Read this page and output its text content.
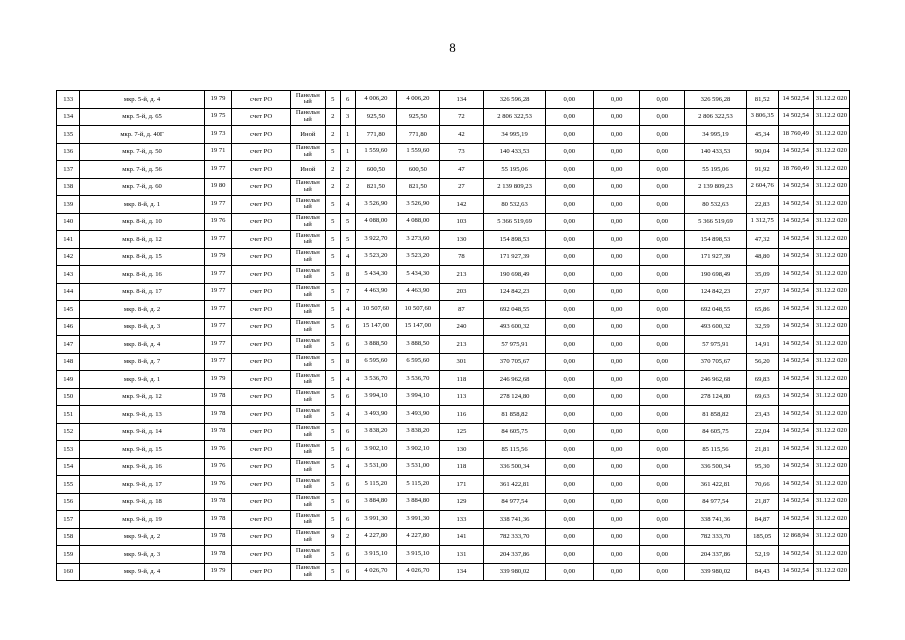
8
133	мкр. 5-й, д. 4	19 79	счет РО	Панельн ый	5	6	4 006,20	4 006,20	134	326 596,28	0,00	0,00	0,00	326 596,28	81,52	14 502,54	31.12.2 020
134	мкр. 5-й, д. 65	19 75	счет РО	Панельн ый	2	3	925,50	925,50	72	2 806 322,53	0,00	0,00	0,00	2 806 322,53	3 806,35	14 502,54	31.12.2 020
135	мкр. 7-й, д. 40Г	19 73	счет РО	Иной	2	1	771,80	771,80	42	34 995,19	0,00	0,00	0,00	34 995,19	45,34	18 760,49	31.12.2 020
136	мкр. 7-й, д. 50	19 71	счет РО	Панельн ый	5	1	1 559,60	1 559,60	73	140 433,53	0,00	0,00	0,00	140 433,53	90,04	14 502,54	31.12.2 020
137	мкр. 7-й, д. 56	19 77	счет РО	Иной	2	2	600,50	600,50	47	55 195,06	0,00	0,00	0,00	55 195,06	91,92	18 760,49	31.12.2 020
138	мкр. 7-й, д. 60	19 80	счет РО	Панельн ый	2	2	821,50	821,50	27	2 139 809,23	0,00	0,00	0,00	2 139 809,23	2 604,76	14 502,54	31.12.2 020
139	мкр. 8-й, д. 1	19 77	счет РО	Панельн ый	5	4	3 526,90	3 526,90	142	80 532,63	0,00	0,00	0,00	80 532,63	22,83	14 502,54	31.12.2 020
140	мкр. 8-й, д. 10	19 76	счет РО	Панельн ый	5	5	4 088,00	4 088,00	103	5 366 519,69	0,00	0,00	0,00	5 366 519,69	1 312,75	14 502,54	31.12.2 020
141	мкр. 8-й, д. 12	19 77	счет РО	Панельн ый	5	5	3 922,70	3 273,60	130	154 898,53	0,00	0,00	0,00	154 898,53	47,32	14 502,54	31.12.2 020
142	мкр. 8-й, д. 15	19 79	счет РО	Панельн ый	5	4	3 523,20	3 523,20	78	171 927,39	0,00	0,00	0,00	171 927,39	48,80	14 502,54	31.12.2 020
143	мкр. 8-й, д. 16	19 77	счет РО	Панельн ый	5	8	5 434,30	5 434,30	213	190 698,49	0,00	0,00	0,00	190 698,49	35,09	14 502,54	31.12.2 020
144	мкр. 8-й, д. 17	19 77	счет РО	Панельн ый	5	7	4 463,90	4 463,90	203	124 842,23	0,00	0,00	0,00	124 842,23	27,97	14 502,54	31.12.2 020
145	мкр. 8-й, д. 2	19 77	счет РО	Панельн ый	5	4	10 507,60	10 507,60	87	692 048,55	0,00	0,00	0,00	692 048,55	65,86	14 502,54	31.12.2 020
146	мкр. 8-й, д. 3	19 77	счет РО	Панельн ый	5	6	15 147,00	15 147,00	240	493 600,32	0,00	0,00	0,00	493 600,32	32,59	14 502,54	31.12.2 020
147	мкр. 8-й, д. 4	19 77	счет РО	Панельн ый	5	6	3 888,50	3 888,50	213	57 975,91	0,00	0,00	0,00	57 975,91	14,91	14 502,54	31.12.2 020
148	мкр. 8-й, д. 7	19 77	счет РО	Панельн ый	5	8	6 595,60	6 595,60	301	370 705,67	0,00	0,00	0,00	370 705,67	56,20	14 502,54	31.12.2 020
149	мкр. 9-й, д. 1	19 79	счет РО	Панельн ый	5	4	3 536,70	3 536,70	118	246 962,68	0,00	0,00	0,00	246 962,68	69,83	14 502,54	31.12.2 020
150	мкр. 9-й, д. 12	19 78	счет РО	Панельн ый	5	6	3 994,10	3 994,10	113	278 124,80	0,00	0,00	0,00	278 124,80	69,63	14 502,54	31.12.2 020
151	мкр. 9-й, д. 13	19 78	счет РО	Панельн ый	5	4	3 493,90	3 493,90	116	81 858,82	0,00	0,00	0,00	81 858,82	23,43	14 502,54	31.12.2 020
152	мкр. 9-й, д. 14	19 78	счет РО	Панельн ый	5	6	3 838,20	3 838,20	125	84 605,75	0,00	0,00	0,00	84 605,75	22,04	14 502,54	31.12.2 020
153	мкр. 9-й, д. 15	19 76	счет РО	Панельн ый	5	6	3 902,10	3 902,10	130	85 115,56	0,00	0,00	0,00	85 115,56	21,81	14 502,54	31.12.2 020
154	мкр. 9-й, д. 16	19 76	счет РО	Панельн ый	5	4	3 531,00	3 531,00	118	336 500,34	0,00	0,00	0,00	336 500,34	95,30	14 502,54	31.12.2 020
155	мкр. 9-й, д. 17	19 76	счет РО	Панельн ый	5	6	5 115,20	5 115,20	171	361 422,81	0,00	0,00	0,00	361 422,81	70,66	14 502,54	31.12.2 020
156	мкр. 9-й, д. 18	19 78	счет РО	Панельн ый	5	6	3 884,80	3 884,80	129	84 977,54	0,00	0,00	0,00	84 977,54	21,87	14 502,54	31.12.2 020
157	мкр. 9-й, д. 19	19 78	счет РО	Панельн ый	5	6	3 991,30	3 991,30	133	338 741,36	0,00	0,00	0,00	338 741,36	84,87	14 502,54	31.12.2 020
158	мкр. 9-й, д. 2	19 78	счет РО	Панельн ый	9	2	4 227,80	4 227,80	141	782 333,70	0,00	0,00	0,00	782 333,70	185,05	12 868,94	31.12.2 020
159	мкр. 9-й, д. 3	19 78	счет РО	Панельн ый	5	6	3 915,10	3 915,10	131	204 337,86	0,00	0,00	0,00	204 337,86	52,19	14 502,54	31.12.2 020
160	мкр. 9-й, д. 4	19 79	счет РО	Панельн ый	5	6	4 026,70	4 026,70	134	339 980,02	0,00	0,00	0,00	339 980,02	84,43	14 502,54	31.12.2 020
